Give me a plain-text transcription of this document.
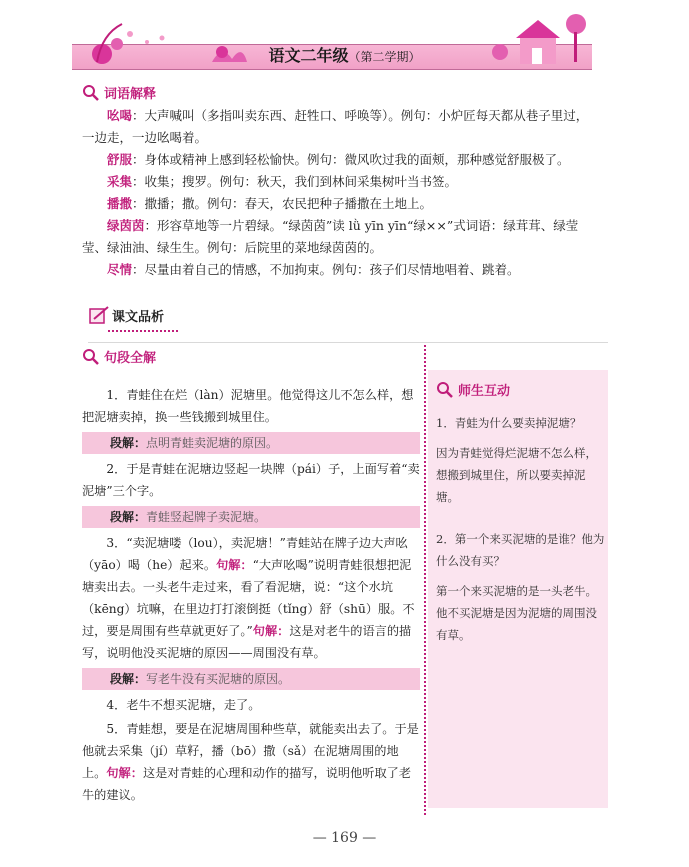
语文二年级（第二学期）
词语解释

吆喝：大声喊叫（多指叫卖东西、赶牲口、呼唤等）。例句：小炉匠每天都从巷子里过，一边走，一边吆喝着。

舒服：身体或精神上感到轻松愉快。例句：微风吹过我的面颊，那种感觉舒服极了。

采集：收集；搜罗。例句：秋天，我们到林间采集树叶当书签。

播撒：撒播；撒。例句：春天，农民把种子播撒在土地上。

绿茵茵：形容草地等一片碧绿。“绿茵茵”读 lǜ yīn yīn“绿××”式词语：绿茸茸、绿莹莹、绿油油、绿生生。例句：后院里的菜地绿茵茵的。

尽情：尽量由着自己的情感，不加拘束。例句：孩子们尽情地唱着、跳着。

课文品析
句段全解

1．青蛙住在烂（làn）泥塘里。他觉得这儿不怎么样，想把泥塘卖掉，换一些钱搬到城里住。

段解：点明青蛙卖泥塘的原因。

2．于是青蛙在泥塘边竖起一块牌（pái）子，上面写着“卖泥塘”三个字。

段解：青蛙竖起牌子卖泥塘。

3．“卖泥塘喽（lou），卖泥塘！”青蛙站在牌子边大声吆（yāo）喝（he）起来。句解：“大声吆喝”说明青蛙很想把泥塘卖出去。一头老牛走过来，看了看泥塘，说：“这个水坑（kēng）坑嘛，在里边打打滚倒挺（tǐng）舒（shū）服。不过，要是周围有些草就更好了。”句解：这是对老牛的语言的描写，说明他没买泥塘的原因——周围没有草。

段解：写老牛没有买泥塘的原因。

4．老牛不想买泥塘，走了。

5．青蛙想，要是在泥塘周围种些草，就能卖出去了。于是他就去采集（jí）草籽，播（bō）撒（sǎ）在泥塘周围的地上。句解：这是对青蛙的心理和动作的描写，说明他听取了老牛的建议。

师生互动

1．青蛙为什么要卖掉泥塘？

因为青蛙觉得烂泥塘不怎么样，想搬到城里住，所以要卖掉泥塘。

2．第一个来买泥塘的是谁？他为什么没有买？

第一个来买泥塘的是一头老牛。他不买泥塘是因为泥塘的周围没有草。

— 169 —
